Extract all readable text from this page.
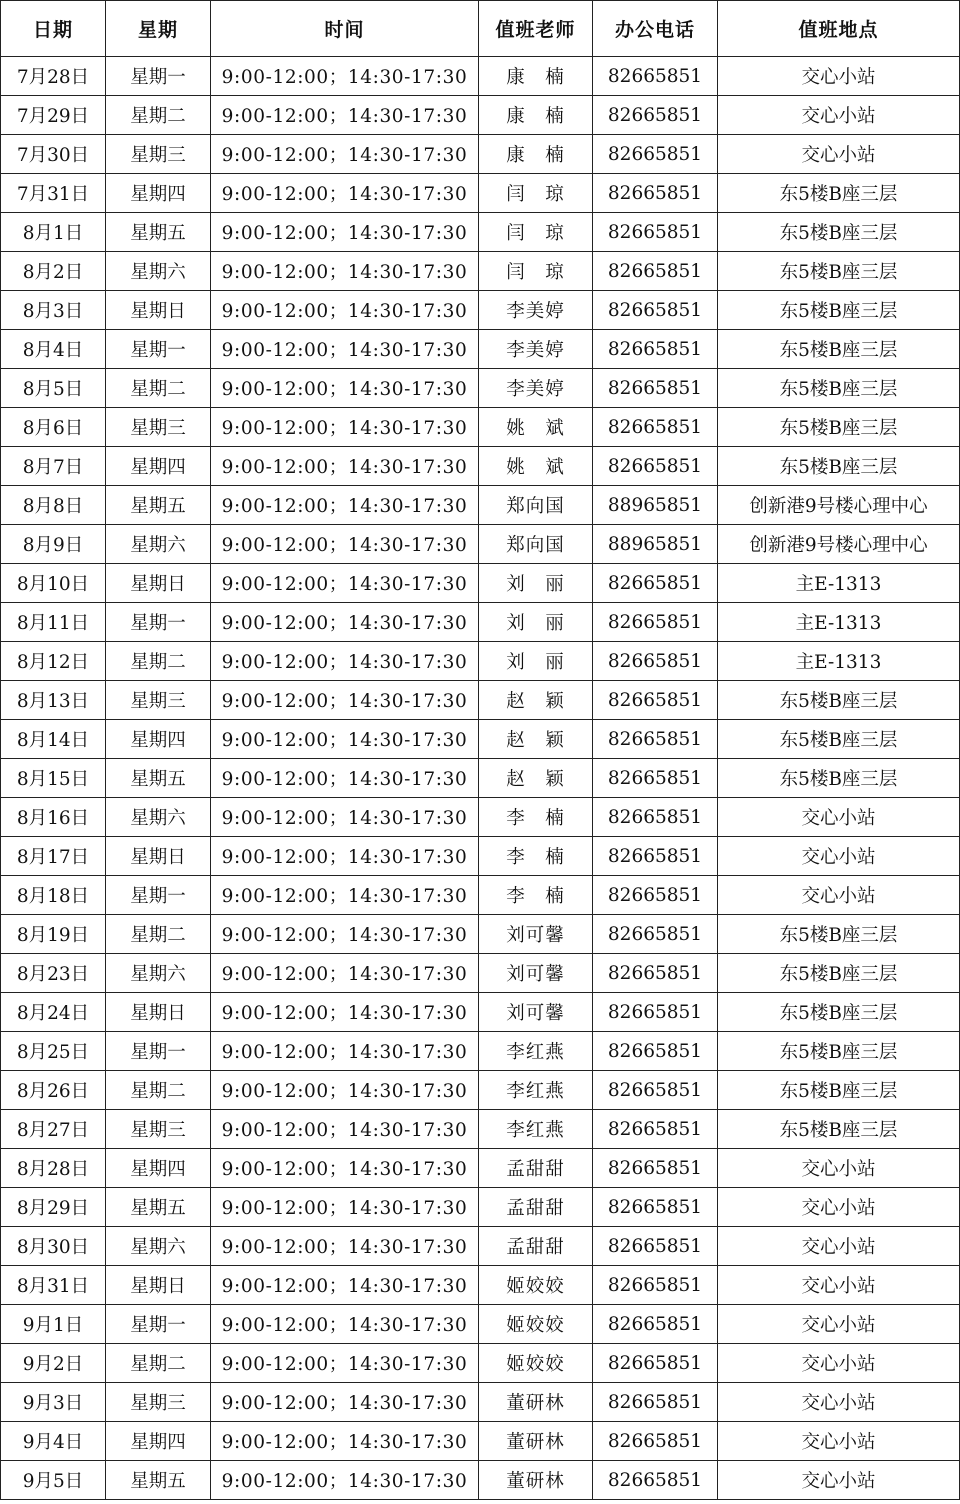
日期	星期	时间	值班老师	办公电话	值班地点
7月28日	星期一	9:00-12:00；14:30-17:30	康　楠	82665851	交心小站
7月29日	星期二	9:00-12:00；14:30-17:30	康　楠	82665851	交心小站
7月30日	星期三	9:00-12:00；14:30-17:30	康　楠	82665851	交心小站
7月31日	星期四	9:00-12:00；14:30-17:30	闫　琼	82665851	东5楼B座三层
8月1日	星期五	9:00-12:00；14:30-17:30	闫　琼	82665851	东5楼B座三层
8月2日	星期六	9:00-12:00；14:30-17:30	闫　琼	82665851	东5楼B座三层
8月3日	星期日	9:00-12:00；14:30-17:30	李美婷	82665851	东5楼B座三层
8月4日	星期一	9:00-12:00；14:30-17:30	李美婷	82665851	东5楼B座三层
8月5日	星期二	9:00-12:00；14:30-17:30	李美婷	82665851	东5楼B座三层
8月6日	星期三	9:00-12:00；14:30-17:30	姚　斌	82665851	东5楼B座三层
8月7日	星期四	9:00-12:00；14:30-17:30	姚　斌	82665851	东5楼B座三层
8月8日	星期五	9:00-12:00；14:30-17:30	郑向国	88965851	创新港9号楼心理中心
8月9日	星期六	9:00-12:00；14:30-17:30	郑向国	88965851	创新港9号楼心理中心
8月10日	星期日	9:00-12:00；14:30-17:30	刘　丽	82665851	主E-1313
8月11日	星期一	9:00-12:00；14:30-17:30	刘　丽	82665851	主E-1313
8月12日	星期二	9:00-12:00；14:30-17:30	刘　丽	82665851	主E-1313
8月13日	星期三	9:00-12:00；14:30-17:30	赵　颖	82665851	东5楼B座三层
8月14日	星期四	9:00-12:00；14:30-17:30	赵　颖	82665851	东5楼B座三层
8月15日	星期五	9:00-12:00；14:30-17:30	赵　颖	82665851	东5楼B座三层
8月16日	星期六	9:00-12:00；14:30-17:30	李　楠	82665851	交心小站
8月17日	星期日	9:00-12:00；14:30-17:30	李　楠	82665851	交心小站
8月18日	星期一	9:00-12:00；14:30-17:30	李　楠	82665851	交心小站
8月19日	星期二	9:00-12:00；14:30-17:30	刘可馨	82665851	东5楼B座三层
8月23日	星期六	9:00-12:00；14:30-17:30	刘可馨	82665851	东5楼B座三层
8月24日	星期日	9:00-12:00；14:30-17:30	刘可馨	82665851	东5楼B座三层
8月25日	星期一	9:00-12:00；14:30-17:30	李红燕	82665851	东5楼B座三层
8月26日	星期二	9:00-12:00；14:30-17:30	李红燕	82665851	东5楼B座三层
8月27日	星期三	9:00-12:00；14:30-17:30	李红燕	82665851	东5楼B座三层
8月28日	星期四	9:00-12:00；14:30-17:30	孟甜甜	82665851	交心小站
8月29日	星期五	9:00-12:00；14:30-17:30	孟甜甜	82665851	交心小站
8月30日	星期六	9:00-12:00；14:30-17:30	孟甜甜	82665851	交心小站
8月31日	星期日	9:00-12:00；14:30-17:30	姬姣姣	82665851	交心小站
9月1日	星期一	9:00-12:00；14:30-17:30	姬姣姣	82665851	交心小站
9月2日	星期二	9:00-12:00；14:30-17:30	姬姣姣	82665851	交心小站
9月3日	星期三	9:00-12:00；14:30-17:30	董研林	82665851	交心小站
9月4日	星期四	9:00-12:00；14:30-17:30	董研林	82665851	交心小站
9月5日	星期五	9:00-12:00；14:30-17:30	董研林	82665851	交心小站
